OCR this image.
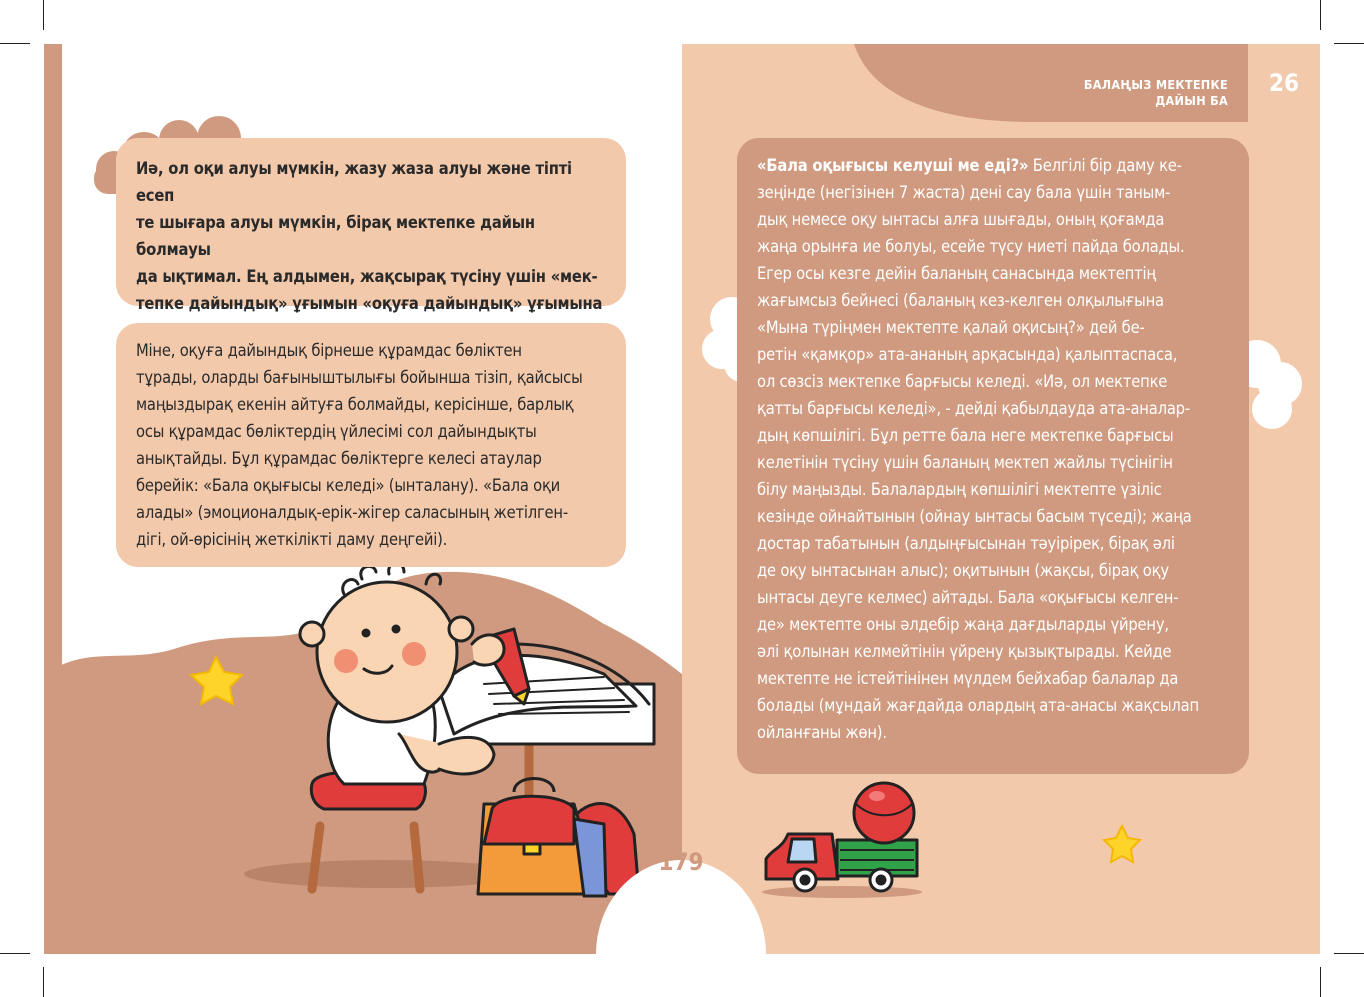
Иә, ол оқи алуы мүмкін, жазу жаза алуы және тіпті есеп
те шығара алуы мүмкін, бірақ мектепке дайын болмауы
да ықтимал. Ең алдымен, жақсырақ түсіну үшін «мек-
тепке дайындық» ұғымын «оқуға дайындық» ұғымына
Міне, оқуға дайындық бірнеше құрамдас бөліктен
тұрады, оларды бағыныштылығы бойынша тізіп, қайсысы
маңыздырақ екенін айтуға болмайды, керісінше, барлық
осы құрамдас бөліктердің үйлесімі сол дайындықты
анықтайды. Бұл құрамдас бөліктерге келесі атаулар
берейік: «Бала оқығысы келеді» (ынталану). «Бала оқи
алады» (эмоционалдық-ерік-жігер саласының жетілген-
дігі, ой-өрісінің жеткілікті даму деңгейі).
БАЛАҢЫЗ МЕКТЕПКЕ
ДАЙЫН БА
26
«Бала оқығысы келуші ме еді?» Белгілі бір даму ке-
зеңінде (негізінен 7 жаста) дені сау бала үшін таным-
дық немесе оқу ынтасы алға шығады, оның қоғамда
жаңа орынға ие болуы, есейе түсу ниеті пайда болады.
Егер осы кезге дейін баланың санасында мектептің
жағымсыз бейнесі (баланың кез-келген олқылығына
«Мына түріңмен мектепте қалай оқисың?» дей бе-
ретін «қамқор» ата-ананың арқасында) қалыптаспаса,
ол сөзсіз мектепке барғысы келеді. «Иә, ол мектепке
қатты барғысы келеді», - дейді қабылдауда ата-аналар-
дың көпшілігі. Бұл ретте бала неге мектепке барғысы
келетінін түсіну үшін баланың мектеп жайлы түсінігін
білу маңызды. Балалардың көпшілігі мектепте үзіліс
кезінде ойнайтынын (ойнау ынтасы басым түседі); жаңа
достар табатынын (алдыңғысынан тәуірірек, бірақ әлі
де оқу ынтасынан алыс); оқитынын (жақсы, бірақ оқу
ынтасы деуге келмес) айтады. Бала «оқығысы келген-
де» мектепте оны әлдебір жаңа дағдыларды үйрену,
әлі қолынан келмейтінін үйрену қызықтырады. Кейде
мектепте не істейтінінен мүлдем бейхабар балалар да
болады (мұндай жағдайда олардың ата-анасы жақсылап
ойланғаны жөн).
179
